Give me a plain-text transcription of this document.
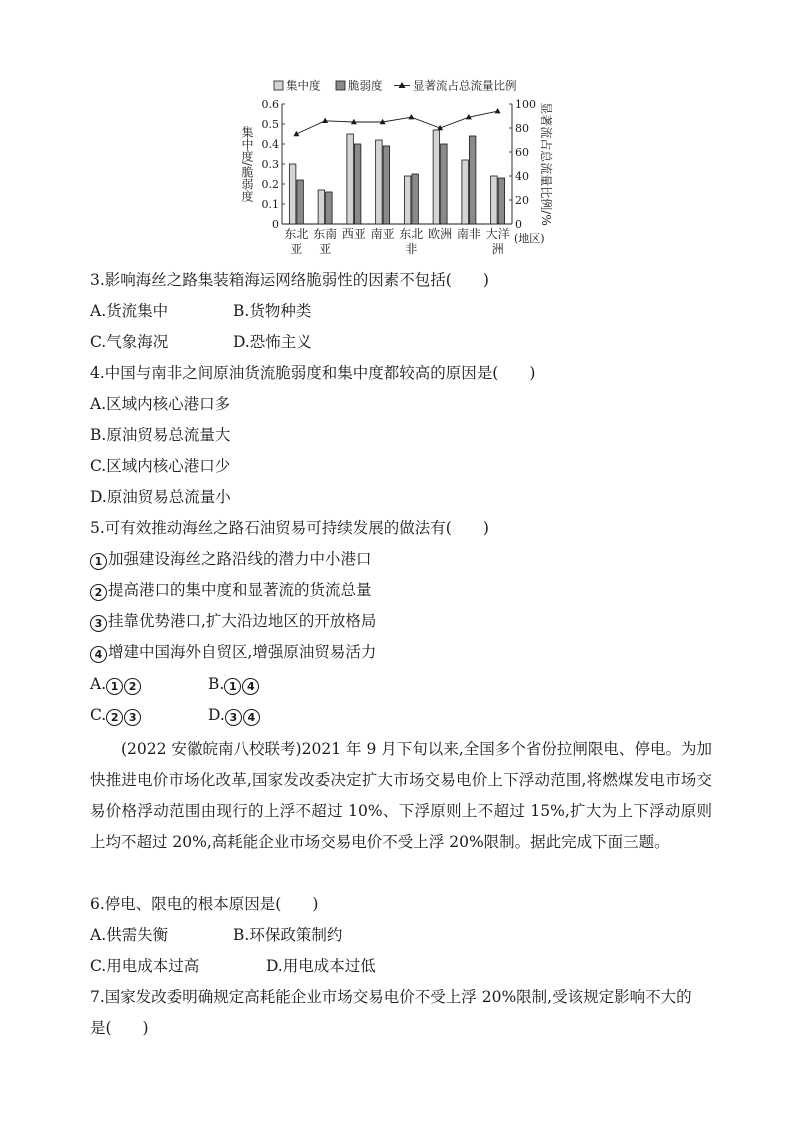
集中度 脆弱度	显著流占总流量比例
0
0.1
0.2
0.3
0.4
0.5
0.6
0
20
40
60
80
100
集中度/脆弱度	显著流占总流量比例/%
东北
亚
东南
亚
西亚 南亚 东北
非
欧洲 南非 大洋
洲
(地区)
3.影响海丝之路集装箱海运网络脆弱性的因素不包括(　　)
A.货流集中	B.货物种类
C.气象海况	D.恐怖主义
4.中国与南非之间原油货流脆弱度和集中度都较高的原因是(　　)
A.区域内核心港口多
B.原油贸易总流量大
C.区域内核心港口少
D.原油贸易总流量小
5.可有效推动海丝之路石油贸易可持续发展的做法有(　　)
1 加强建设海丝之路沿线的潜力中小港口
2 提高港口的集中度和显著流的货流总量
3 挂靠优势港口,扩大沿边地区的开放格局
4 增建中国海外自贸区,增强原油贸易活力
A. 1 2	B. 1 4
C. 2 3	D. 3 4

(2022 安徽皖南八校联考)2021 年 9 月下旬以来,全国多个省份拉闸限电、停电。为加快推进电价市场化改革,国家发改委决定扩大市场交易电价上下浮动范围,将燃煤发电市场交易价格浮动范围由现行的上浮不超过 10%、下浮原则上不超过 15%,扩大为上下浮动原则上均不超过 20%,高耗能企业市场交易电价不受上浮 20%限制。据此完成下面三题。

6.停电、限电的根本原因是(　　)
A.供需失衡	B.环保政策制约
C.用电成本过高	D.用电成本过低
7.国家发改委明确规定高耗能企业市场交易电价不受上浮 20%限制,受该规定影响不大的
是(　　)
